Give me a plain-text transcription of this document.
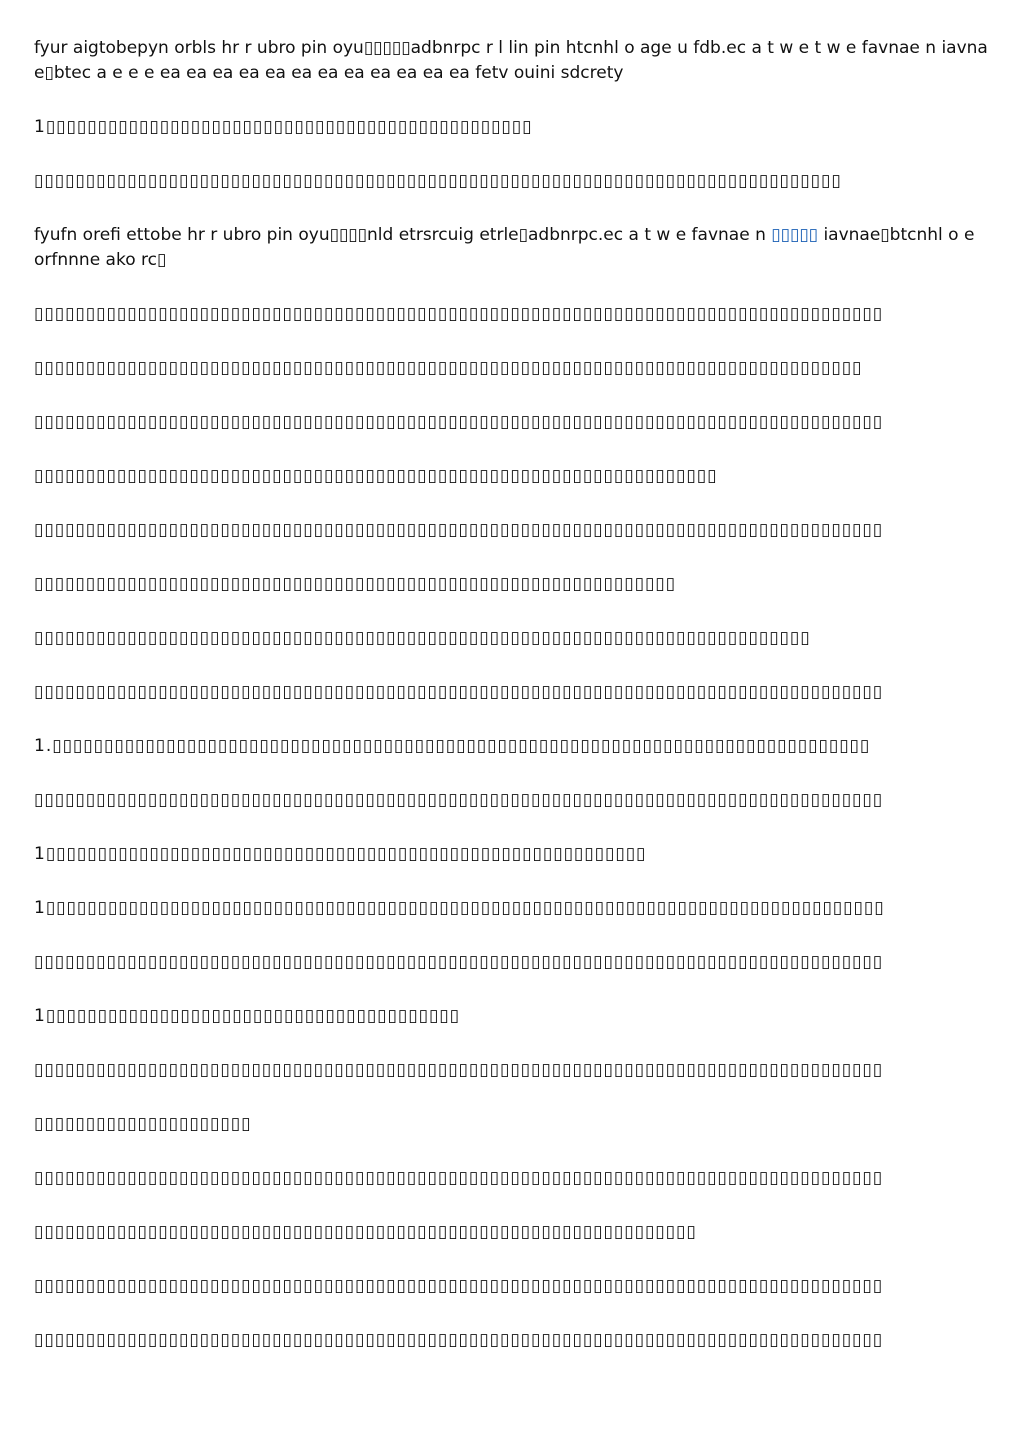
fyur aigtobepyn orbls hr r ubro pin oyu▯▯▯▯▯adbnrpc r l lin pin htcnhl o age u fdb.ec a t w e t w e favnae n iavnae▯btec a e e e ea ea ea ea ea ea ea ea ea ea ea ea fetv ouini sdcrety

1▯▯▯▯▯▯▯▯▯▯▯▯▯▯▯▯▯▯▯▯▯▯▯▯▯▯▯▯▯▯▯▯▯▯▯▯▯▯▯▯▯▯▯▯▯▯▯

▯▯▯▯▯▯▯▯▯▯▯▯▯▯▯▯▯▯▯▯▯▯▯▯▯▯▯▯▯▯▯▯▯▯▯▯▯▯▯▯▯▯▯▯▯▯▯▯▯▯▯▯▯▯▯▯▯▯▯▯▯▯▯▯▯▯▯▯▯▯▯▯▯▯▯▯▯▯

fyufn orefi ettobe hr r ubro pin oyu▯▯▯▯nld etrsrcuig etrle▯adbnrpc.ec a t w e favnae n ▯▯▯▯▯ iavnae▯btcnhl o e orfnnne ako rc▯

▯▯▯▯▯▯▯▯▯▯▯▯▯▯▯▯▯▯▯▯▯▯▯▯▯▯▯▯▯▯▯▯▯▯▯▯▯▯▯▯▯▯▯▯▯▯▯▯▯▯▯▯▯▯▯▯▯▯▯▯▯▯▯▯▯▯▯▯▯▯▯▯▯▯▯▯▯▯▯▯▯▯

▯▯▯▯▯▯▯▯▯▯▯▯▯▯▯▯▯▯▯▯▯▯▯▯▯▯▯▯▯▯▯▯▯▯▯▯▯▯▯▯▯▯▯▯▯▯▯▯▯▯▯▯▯▯▯▯▯▯▯▯▯▯▯▯▯▯▯▯▯▯▯▯▯▯▯▯▯▯▯▯

▯▯▯▯▯▯▯▯▯▯▯▯▯▯▯▯▯▯▯▯▯▯▯▯▯▯▯▯▯▯▯▯▯▯▯▯▯▯▯▯▯▯▯▯▯▯▯▯▯▯▯▯▯▯▯▯▯▯▯▯▯▯▯▯▯▯▯▯▯▯▯▯▯▯▯▯▯▯▯▯▯▯

▯▯▯▯▯▯▯▯▯▯▯▯▯▯▯▯▯▯▯▯▯▯▯▯▯▯▯▯▯▯▯▯▯▯▯▯▯▯▯▯▯▯▯▯▯▯▯▯▯▯▯▯▯▯▯▯▯▯▯▯▯▯▯▯▯▯

▯▯▯▯▯▯▯▯▯▯▯▯▯▯▯▯▯▯▯▯▯▯▯▯▯▯▯▯▯▯▯▯▯▯▯▯▯▯▯▯▯▯▯▯▯▯▯▯▯▯▯▯▯▯▯▯▯▯▯▯▯▯▯▯▯▯▯▯▯▯▯▯▯▯▯▯▯▯▯▯▯▯

▯▯▯▯▯▯▯▯▯▯▯▯▯▯▯▯▯▯▯▯▯▯▯▯▯▯▯▯▯▯▯▯▯▯▯▯▯▯▯▯▯▯▯▯▯▯▯▯▯▯▯▯▯▯▯▯▯▯▯▯▯▯

▯▯▯▯▯▯▯▯▯▯▯▯▯▯▯▯▯▯▯▯▯▯▯▯▯▯▯▯▯▯▯▯▯▯▯▯▯▯▯▯▯▯▯▯▯▯▯▯▯▯▯▯▯▯▯▯▯▯▯▯▯▯▯▯▯▯▯▯▯▯▯▯▯▯▯

▯▯▯▯▯▯▯▯▯▯▯▯▯▯▯▯▯▯▯▯▯▯▯▯▯▯▯▯▯▯▯▯▯▯▯▯▯▯▯▯▯▯▯▯▯▯▯▯▯▯▯▯▯▯▯▯▯▯▯▯▯▯▯▯▯▯▯▯▯▯▯▯▯▯▯▯▯▯▯▯▯▯

1.▯▯▯▯▯▯▯▯▯▯▯▯▯▯▯▯▯▯▯▯▯▯▯▯▯▯▯▯▯▯▯▯▯▯▯▯▯▯▯▯▯▯▯▯▯▯▯▯▯▯▯▯▯▯▯▯▯▯▯▯▯▯▯▯▯▯▯▯▯▯▯▯▯▯▯▯▯▯▯

▯▯▯▯▯▯▯▯▯▯▯▯▯▯▯▯▯▯▯▯▯▯▯▯▯▯▯▯▯▯▯▯▯▯▯▯▯▯▯▯▯▯▯▯▯▯▯▯▯▯▯▯▯▯▯▯▯▯▯▯▯▯▯▯▯▯▯▯▯▯▯▯▯▯▯▯▯▯▯▯▯▯

1▯▯▯▯▯▯▯▯▯▯▯▯▯▯▯▯▯▯▯▯▯▯▯▯▯▯▯▯▯▯▯▯▯▯▯▯▯▯▯▯▯▯▯▯▯▯▯▯▯▯▯▯▯▯▯▯▯▯

1▯▯▯▯▯▯▯▯▯▯▯▯▯▯▯▯▯▯▯▯▯▯▯▯▯▯▯▯▯▯▯▯▯▯▯▯▯▯▯▯▯▯▯▯▯▯▯▯▯▯▯▯▯▯▯▯▯▯▯▯▯▯▯▯▯▯▯▯▯▯▯▯▯▯▯▯▯▯▯▯▯

▯▯▯▯▯▯▯▯▯▯▯▯▯▯▯▯▯▯▯▯▯▯▯▯▯▯▯▯▯▯▯▯▯▯▯▯▯▯▯▯▯▯▯▯▯▯▯▯▯▯▯▯▯▯▯▯▯▯▯▯▯▯▯▯▯▯▯▯▯▯▯▯▯▯▯▯▯▯▯▯▯▯

1▯▯▯▯▯▯▯▯▯▯▯▯▯▯▯▯▯▯▯▯▯▯▯▯▯▯▯▯▯▯▯▯▯▯▯▯▯▯▯▯

▯▯▯▯▯▯▯▯▯▯▯▯▯▯▯▯▯▯▯▯▯▯▯▯▯▯▯▯▯▯▯▯▯▯▯▯▯▯▯▯▯▯▯▯▯▯▯▯▯▯▯▯▯▯▯▯▯▯▯▯▯▯▯▯▯▯▯▯▯▯▯▯▯▯▯▯▯▯▯▯▯▯

▯▯▯▯▯▯▯▯▯▯▯▯▯▯▯▯▯▯▯▯▯

▯▯▯▯▯▯▯▯▯▯▯▯▯▯▯▯▯▯▯▯▯▯▯▯▯▯▯▯▯▯▯▯▯▯▯▯▯▯▯▯▯▯▯▯▯▯▯▯▯▯▯▯▯▯▯▯▯▯▯▯▯▯▯▯▯▯▯▯▯▯▯▯▯▯▯▯▯▯▯▯▯▯

▯▯▯▯▯▯▯▯▯▯▯▯▯▯▯▯▯▯▯▯▯▯▯▯▯▯▯▯▯▯▯▯▯▯▯▯▯▯▯▯▯▯▯▯▯▯▯▯▯▯▯▯▯▯▯▯▯▯▯▯▯▯▯▯

▯▯▯▯▯▯▯▯▯▯▯▯▯▯▯▯▯▯▯▯▯▯▯▯▯▯▯▯▯▯▯▯▯▯▯▯▯▯▯▯▯▯▯▯▯▯▯▯▯▯▯▯▯▯▯▯▯▯▯▯▯▯▯▯▯▯▯▯▯▯▯▯▯▯▯▯▯▯▯▯▯▯

▯▯▯▯▯▯▯▯▯▯▯▯▯▯▯▯▯▯▯▯▯▯▯▯▯▯▯▯▯▯▯▯▯▯▯▯▯▯▯▯▯▯▯▯▯▯▯▯▯▯▯▯▯▯▯▯▯▯▯▯▯▯▯▯▯▯▯▯▯▯▯▯▯▯▯▯▯▯▯▯▯▯
